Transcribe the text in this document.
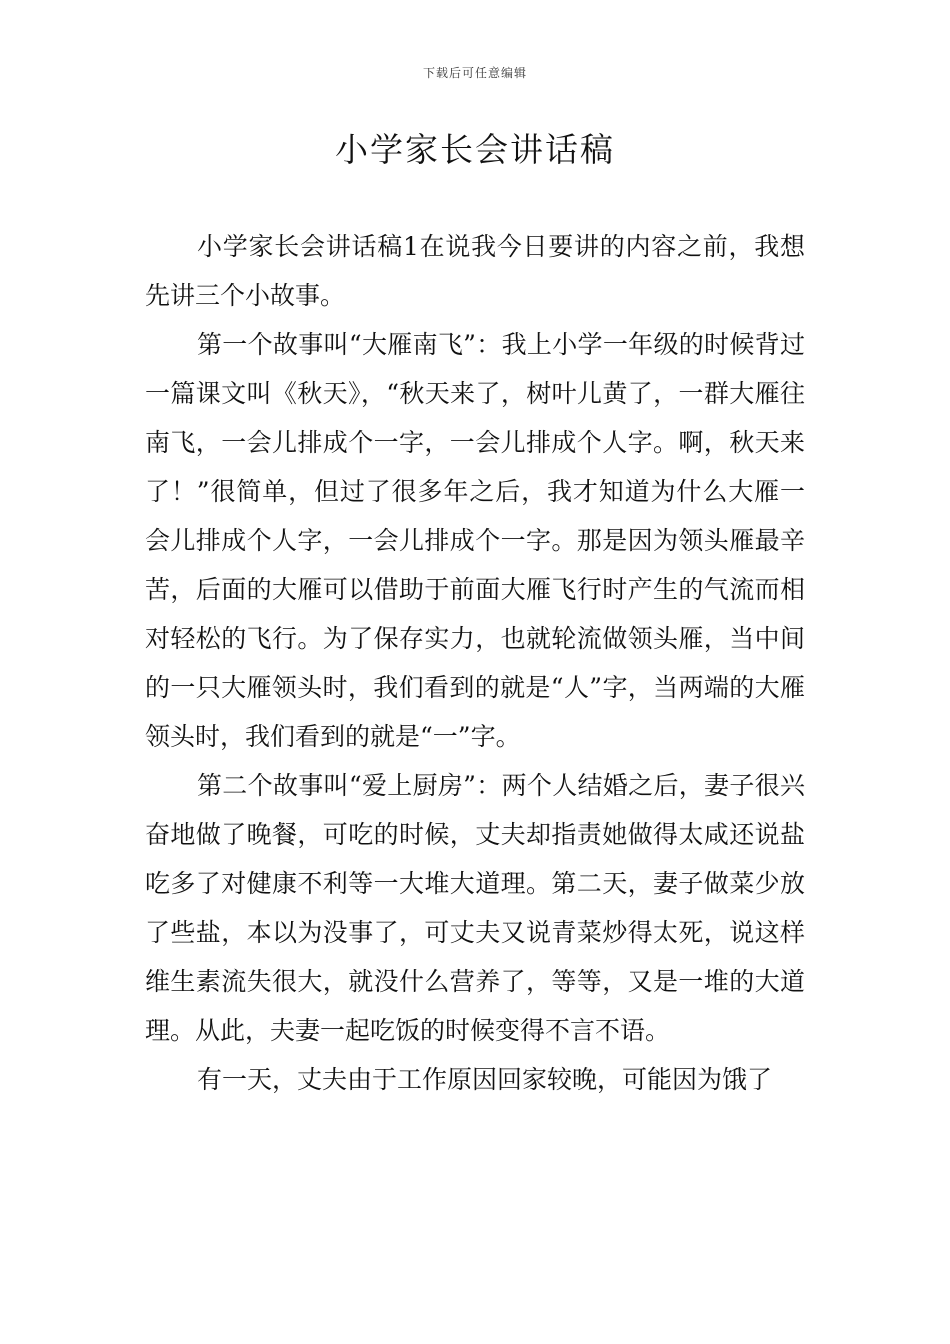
下载后可任意编辑
小学家长会讲话稿

小学家长会讲话稿1在说我今日要讲的内容之前，我想先讲三个小故事。

第一个故事叫“大雁南飞”：我上小学一年级的时候背过一篇课文叫《秋天》，“秋天来了，树叶儿黄了，一群大雁往南飞，一会儿排成个一字，一会儿排成个人字。啊，秋天来了！”很简单，但过了很多年之后，我才知道为什么大雁一会儿排成个人字，一会儿排成个一字。那是因为领头雁最辛苦，后面的大雁可以借助于前面大雁飞行时产生的气流而相对轻松的飞行。为了保存实力，也就轮流做领头雁，当中间的一只大雁领头时，我们看到的就是“人”字，当两端的大雁领头时，我们看到的就是“一”字。

第二个故事叫“爱上厨房”：两个人结婚之后，妻子很兴奋地做了晚餐，可吃的时候，丈夫却指责她做得太咸还说盐吃多了对健康不利等一大堆大道理。第二天，妻子做菜少放了些盐，本以为没事了，可丈夫又说青菜炒得太死，说这样维生素流失很大，就没什么营养了，等等，又是一堆的大道理。从此，夫妻一起吃饭的时候变得不言不语。

有一天，丈夫由于工作原因回家较晚，可能因为饿了
